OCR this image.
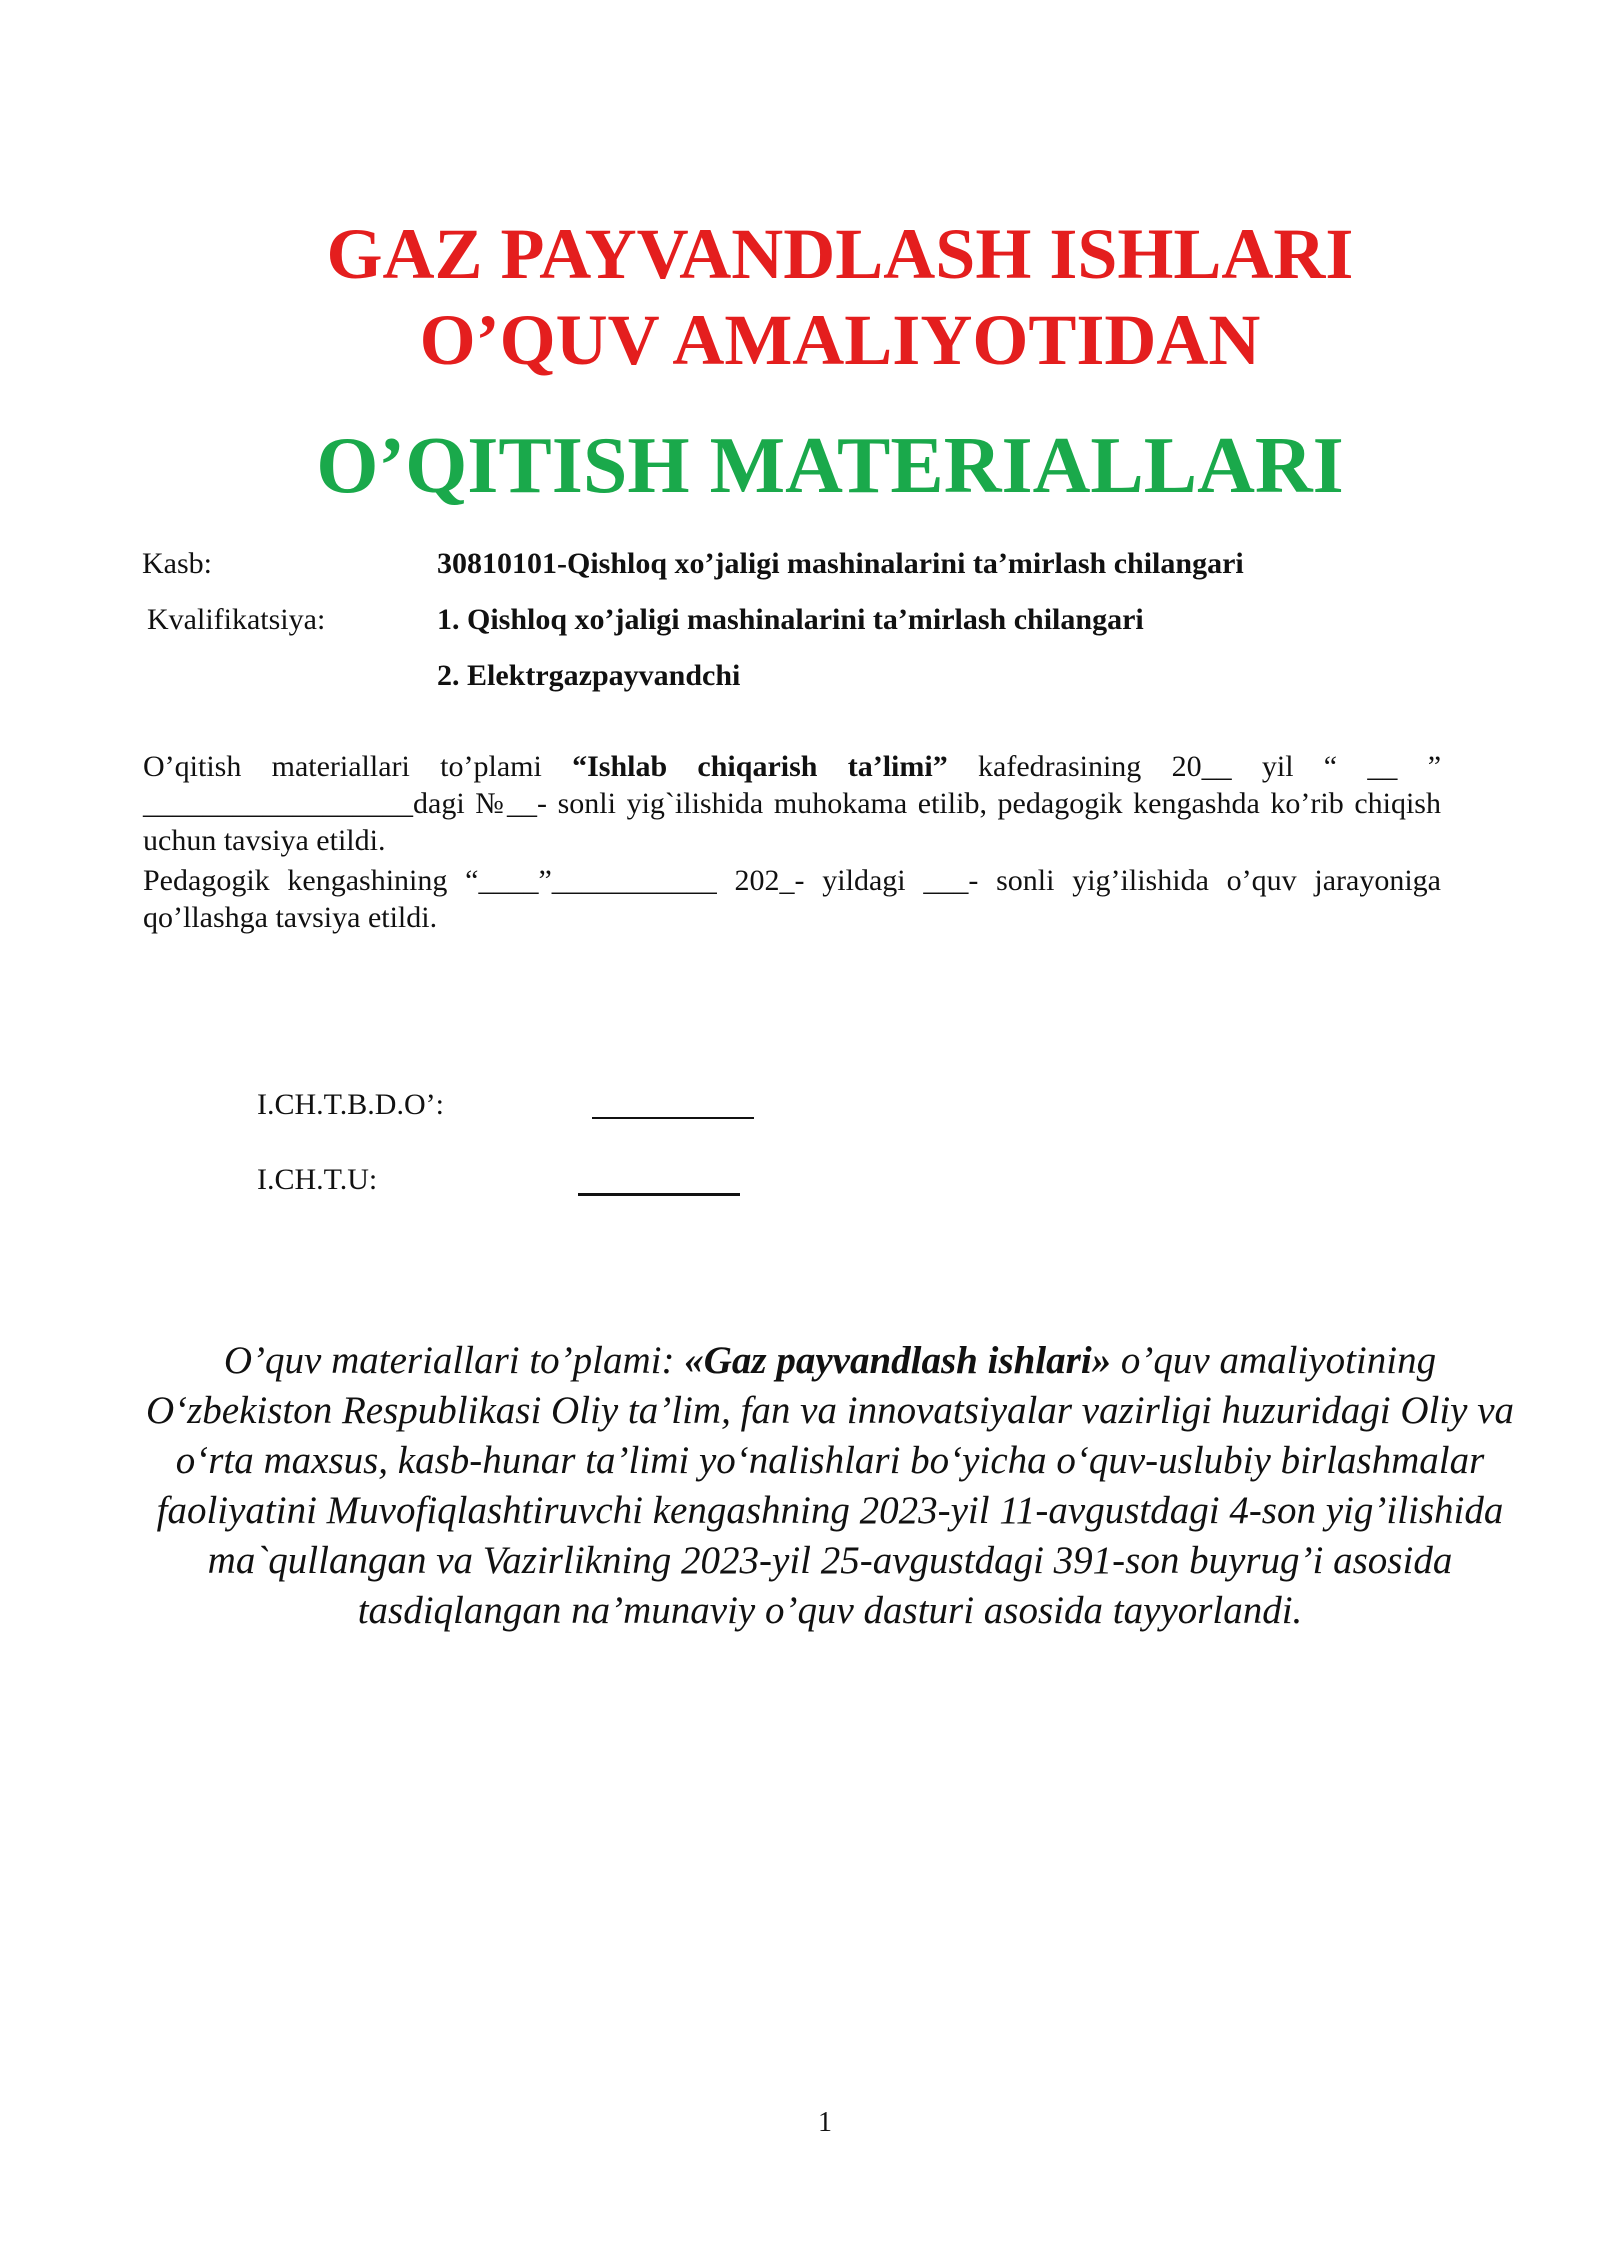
GAZ PAYVANDLASH ISHLARI
O’QUV AMALIYOTIDAN
O’QITISH MATERIALLARI
Kasb:	30810101-Qishloq xo’jaligi mashinalarini ta’mirlash chilangari
Kvalifikatsiya:	1. Qishloq xo’jaligi mashinalarini ta’mirlash chilangari
2. Elektrgazpayvandchi
O’qitish materiallari to’plami “Ishlab chiqarish ta’limi” kafedrasining 20__ yil “ __ ” __________________dagi №__- sonli yig`ilishida muhokama etilib, pedagogik kengashda ko’rib chiqish uchun tavsiya etildi.
Pedagogik kengashining “____”___________ 202_- yildagi ___- sonli yig’ilishida o’quv jarayoniga qo’llashga tavsiya etildi.
I.CH.T.B.D.O’:
I.CH.T.U:
O’quv materiallari to’plami: «Gaz payvandlash ishlari» o’quv amaliyotining O‘zbekiston Respublikasi Oliy ta’lim, fan va innovatsiyalar vazirligi huzuridagi Oliy va o‘rta maxsus, kasb-hunar ta’limi yo‘nalishlari bo‘yicha o‘quv-uslubiy birlashmalar faoliyatini Muvofiqlashtiruvchi kengashning 2023-yil 11-avgustdagi 4-son yig’ilishida ma`qullangan va Vazirlikning 2023-yil 25-avgustdagi 391-son buyrug’i asosida tasdiqlangan na’munaviy o’quv dasturi asosida tayyorlandi.
1
